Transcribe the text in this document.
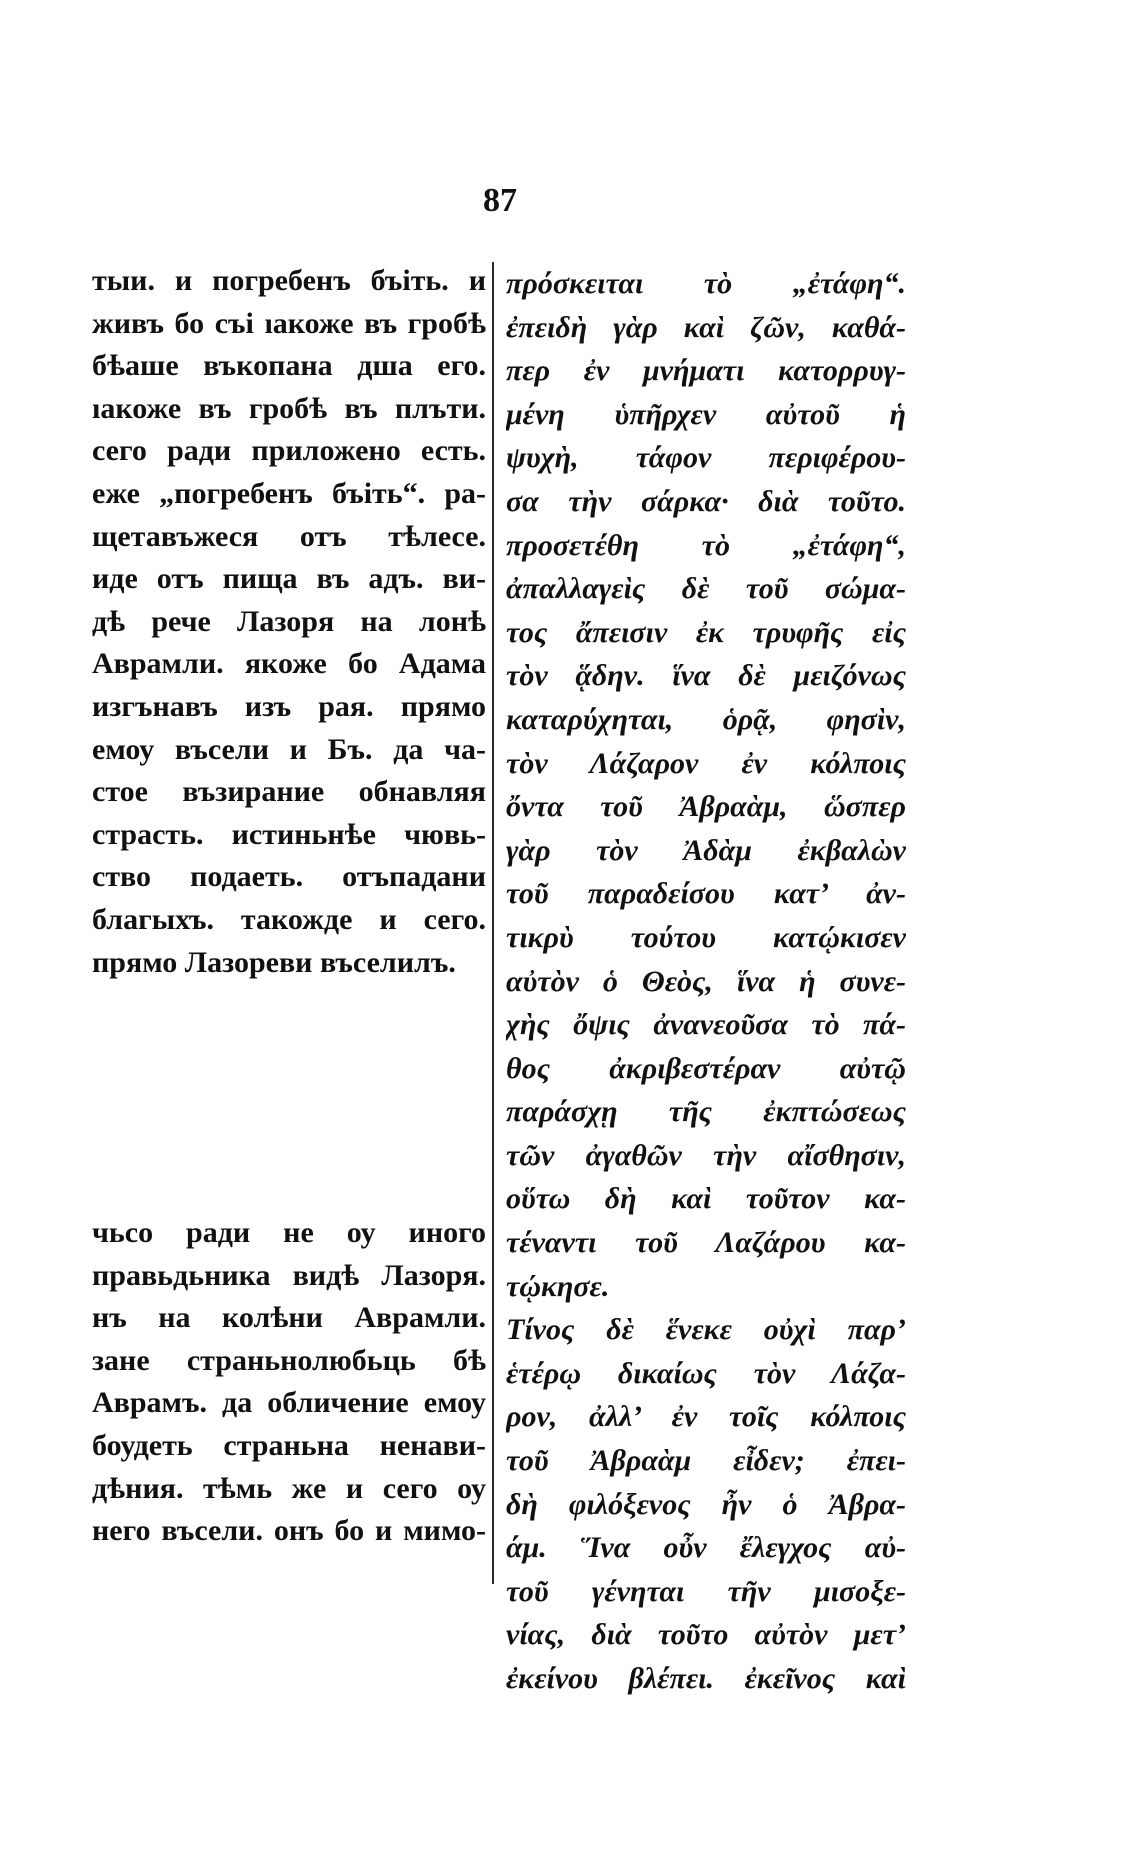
87
тыи. и погребенъ бъіть. и
живъ бо съі ıакоже въ гробѣ
бѣаше въкопана дша его.
ıакоже въ гробѣ въ плъти.
сего ради приложено есть.
еже „погребенъ бъіть“. ра-
щетавъжеся отъ тѣлесе.
иде отъ пища въ адъ. ви-
дѣ рече Лазоря на лонѣ
Аврамли. якоже бо Адама
изгънавъ изъ рая. прямо
емоу въсели и Бъ. да ча-
стое възирание обнавляя
страсть. истиньнѣе чювь-
ство подаеть. отъпадани
благыхъ. такожде и сего.
прямо Лазореви въселилъ.
чьсо ради не оу иного
правьдьника видѣ Лазоря.
нъ на колѣни Аврамли.
зане страньнолюбьць бѣ
Аврамъ. да обличение емоу
боудеть страньна ненави-
дѣния. тѣмь же и сего оу
него въсели. онъ бо и мимо-
πρόσκειται τὸ „ἐτάφη“.
ἐπειδὴ γὰρ καὶ ζῶν, καθά-
περ ἐν μνήματι κατορρυγ-
μένη ὑπῆρχεν αὐτοῦ ἡ
ψυχὴ, τάφον περιφέρου-
σα τὴν σάρκα· διὰ τοῦτο.
προσετέθη τὸ „ἐτάφη“,
ἀπαλλαγεὶς δὲ τοῦ σώμα-
τος ἄπεισιν ἐκ τρυφῆς εἰς
τὸν ᾅδην. ἵνα δὲ μειζόνως
καταρύχηται, ὁρᾷ, φησὶν,
τὸν Λάζαρον ἐν κόλποις
ὄντα τοῦ Ἀβραὰμ, ὥσπερ
γὰρ τὸν Ἀδὰμ ἐκβαλὼν
τοῦ παραδείσου κατ’ ἀν-
τικρὺ τούτου κατῴκισεν
αὐτὸν ὁ Θεὸς, ἵνα ἡ συνε-
χὴς ὄψις ἀνανεοῦσα τὸ πά-
θος ἀκριβεστέραν αὐτῷ
παράσχῃ τῆς ἐκπτώσεως
τῶν ἀγαθῶν τὴν αἴσθησιν,
οὕτω δὴ καὶ τοῦτον κα-
τέναντι τοῦ Λαζάρου κα-
τῴκησε.
Τίνος δὲ ἕνεκε οὐχὶ παρ’
ἑτέρῳ δικαίως τὸν Λάζα-
ρον, ἀλλ’ ἐν τοῖς κόλποις
τοῦ Ἀβραὰμ εἶδεν; ἐπει-
δὴ φιλόξενος ἦν ὁ Ἀβρα-
άμ. Ἵνα οὖν ἔλεγχος αὐ-
τοῦ γένηται τῆν μισοξε-
νίας, διὰ τοῦτο αὐτὸν μετ’
ἐκείνου βλέπει. ἐκεῖνος καὶ
